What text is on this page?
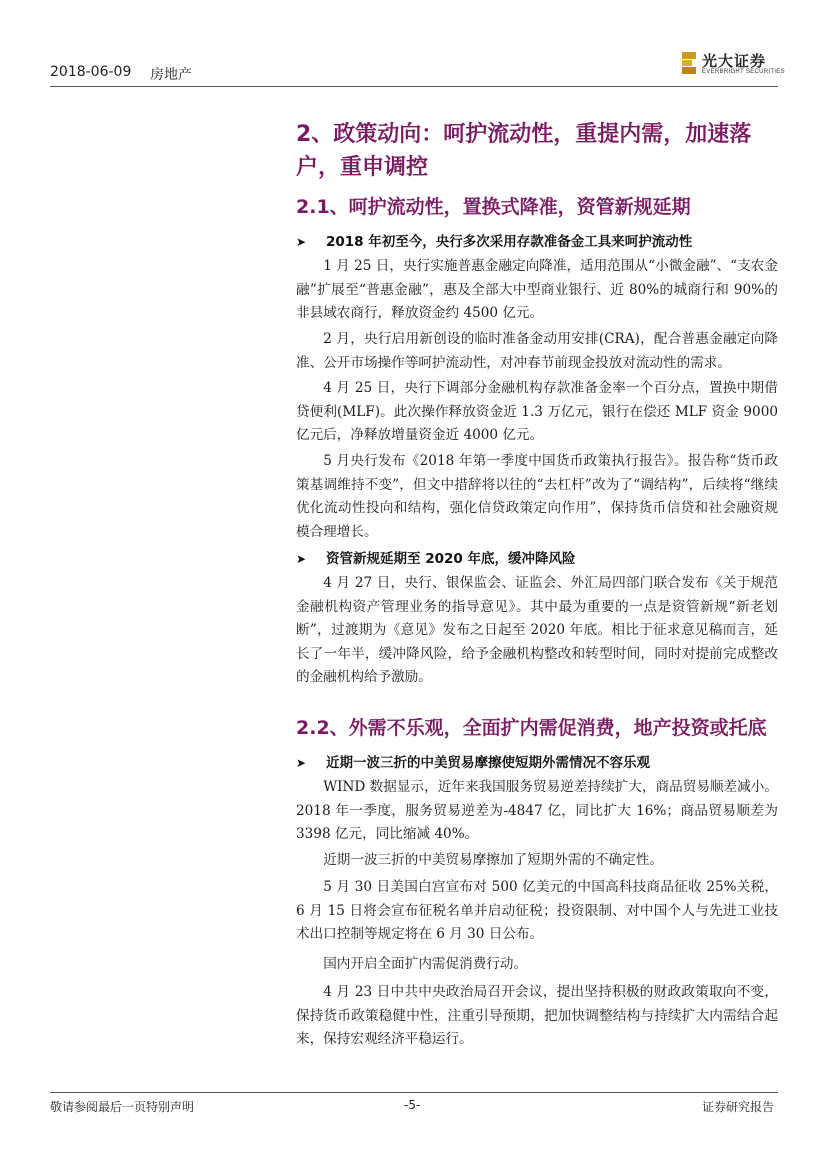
2018-06-09 房地产
光大证券
EVERBRIGHT SECURITIES
2、政策动向：呵护流动性，重提内需，加速落户，重申调控
2.1、呵护流动性，置换式降准，资管新规延期
➤ 2018 年初至今，央行多次采用存款准备金工具来呵护流动性
1 月 25 日，央行实施普惠金融定向降准，适用范围从“小微金融”、“支农金融”扩展至“普惠金融”，惠及全部大中型商业银行、近 80%的城商行和 90%的非县域农商行，释放资金约 4500 亿元。
2 月，央行启用新创设的临时准备金动用安排(CRA)，配合普惠金融定向降准、公开市场操作等呵护流动性，对冲春节前现金投放对流动性的需求。
4 月 25 日，央行下调部分金融机构存款准备金率一个百分点，置换中期借贷便利(MLF)。此次操作释放资金近 1.3 万亿元，银行在偿还 MLF 资金 9000 亿元后，净释放增量资金近 4000 亿元。
5 月央行发布《2018 年第一季度中国货币政策执行报告》。报告称“货币政策基调维持不变”，但文中措辞将以往的“去杠杆”改为了“调结构”，后续将“继续优化流动性投向和结构，强化信贷政策定向作用”，保持货币信贷和社会融资规模合理增长。
➤ 资管新规延期至 2020 年底，缓冲降风险
4 月 27 日，央行、银保监会、证监会、外汇局四部门联合发布《关于规范金融机构资产管理业务的指导意见》。其中最为重要的一点是资管新规“新老划断”，过渡期为《意见》发布之日起至 2020 年底。相比于征求意见稿而言，延长了一年半，缓冲降风险，给予金融机构整改和转型时间，同时对提前完成整改的金融机构给予激励。
2.2、外需不乐观，全面扩内需促消费，地产投资或托底
➤ 近期一波三折的中美贸易摩擦使短期外需情况不容乐观
WIND 数据显示，近年来我国服务贸易逆差持续扩大，商品贸易顺差减小。2018 年一季度，服务贸易逆差为-4847 亿，同比扩大 16%；商品贸易顺差为 3398 亿元，同比缩减 40%。
近期一波三折的中美贸易摩擦加了短期外需的不确定性。
5 月 30 日美国白宫宣布对 500 亿美元的中国高科技商品征收 25%关税，6 月 15 日将会宣布征税名单并启动征税；投资限制、对中国个人与先进工业技术出口控制等规定将在 6 月 30 日公布。
国内开启全面扩内需促消费行动。
4 月 23 日中共中央政治局召开会议，提出坚持积极的财政政策取向不变，保持货币政策稳健中性，注重引导预期，把加快调整结构与持续扩大内需结合起来，保持宏观经济平稳运行。
敬请参阅最后一页特别声明	-5-	证券研究报告
